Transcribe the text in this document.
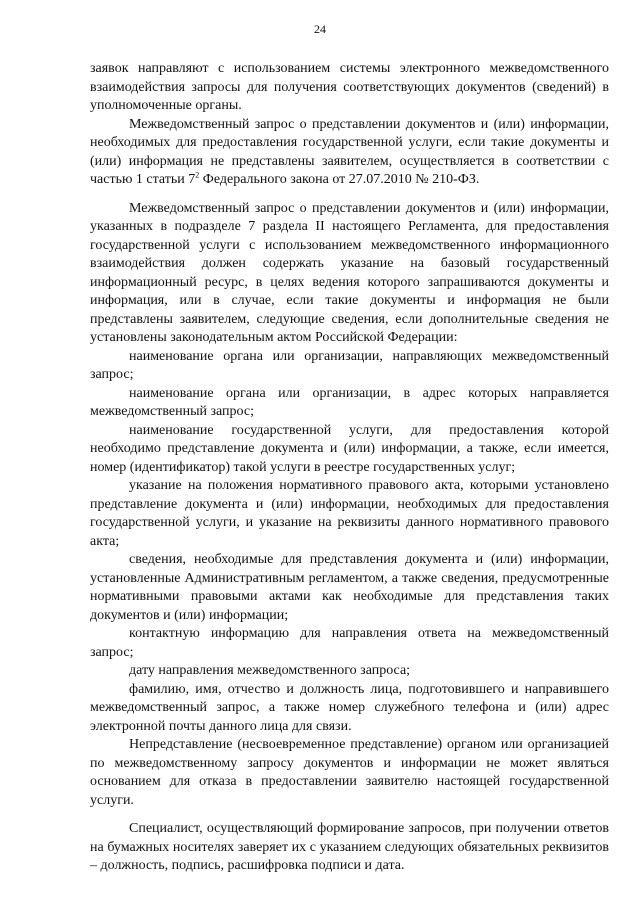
24

заявок направляют с использованием системы электронного межведомственного взаимодействия запросы для получения соответствующих документов (сведений) в уполномоченные органы.

Межведомственный запрос о представлении документов и (или) информации, необходимых для предоставления государственной услуги, если такие документы и (или) информация не представлены заявителем, осуществляется в соответствии с частью 1 статьи $7^2$ Федерального закона от 27.07.2010 № 210-ФЗ.

Межведомственный запрос о представлении документов и (или) информации, указанных в подразделе 7 раздела II настоящего Регламента, для предоставления государственной услуги с использованием межведомственного информационного взаимодействия должен содержать указание на базовый государственный информационный ресурс, в целях ведения которого запрашиваются документы и информация, или в случае, если такие документы и информация не были представлены заявителем, следующие сведения, если дополнительные сведения не установлены законодательным актом Российской Федерации:

наименование органа или организации, направляющих межведомственный запрос;

наименование органа или организации, в адрес которых направляется межведомственный запрос;

наименование государственной услуги, для предоставления которой необходимо представление документа и (или) информации, а также, если имеется, номер (идентификатор) такой услуги в реестре государственных услуг;

указание на положения нормативного правового акта, которыми установлено представление документа и (или) информации, необходимых для предоставления государственной услуги, и указание на реквизиты данного нормативного правового акта;

сведения, необходимые для представления документа и (или) информации, установленные Административным регламентом, а также сведения, предусмотренные нормативными правовыми актами как необходимые для представления таких документов и (или) информации;

контактную информацию для направления ответа на межведомственный запрос;

дату направления межведомственного запроса;

фамилию, имя, отчество и должность лица, подготовившего и направившего межведомственный запрос, а также номер служебного телефона и (или) адрес электронной почты данного лица для связи.

Непредставление (несвоевременное представление) органом или организацией по межведомственному запросу документов и информации не может являться основанием для отказа в предоставлении заявителю настоящей государственной услуги.

Специалист, осуществляющий формирование запросов, при получении ответов на бумажных носителях заверяет их с указанием следующих обязательных реквизитов – должность, подпись, расшифровка подписи и дата.
